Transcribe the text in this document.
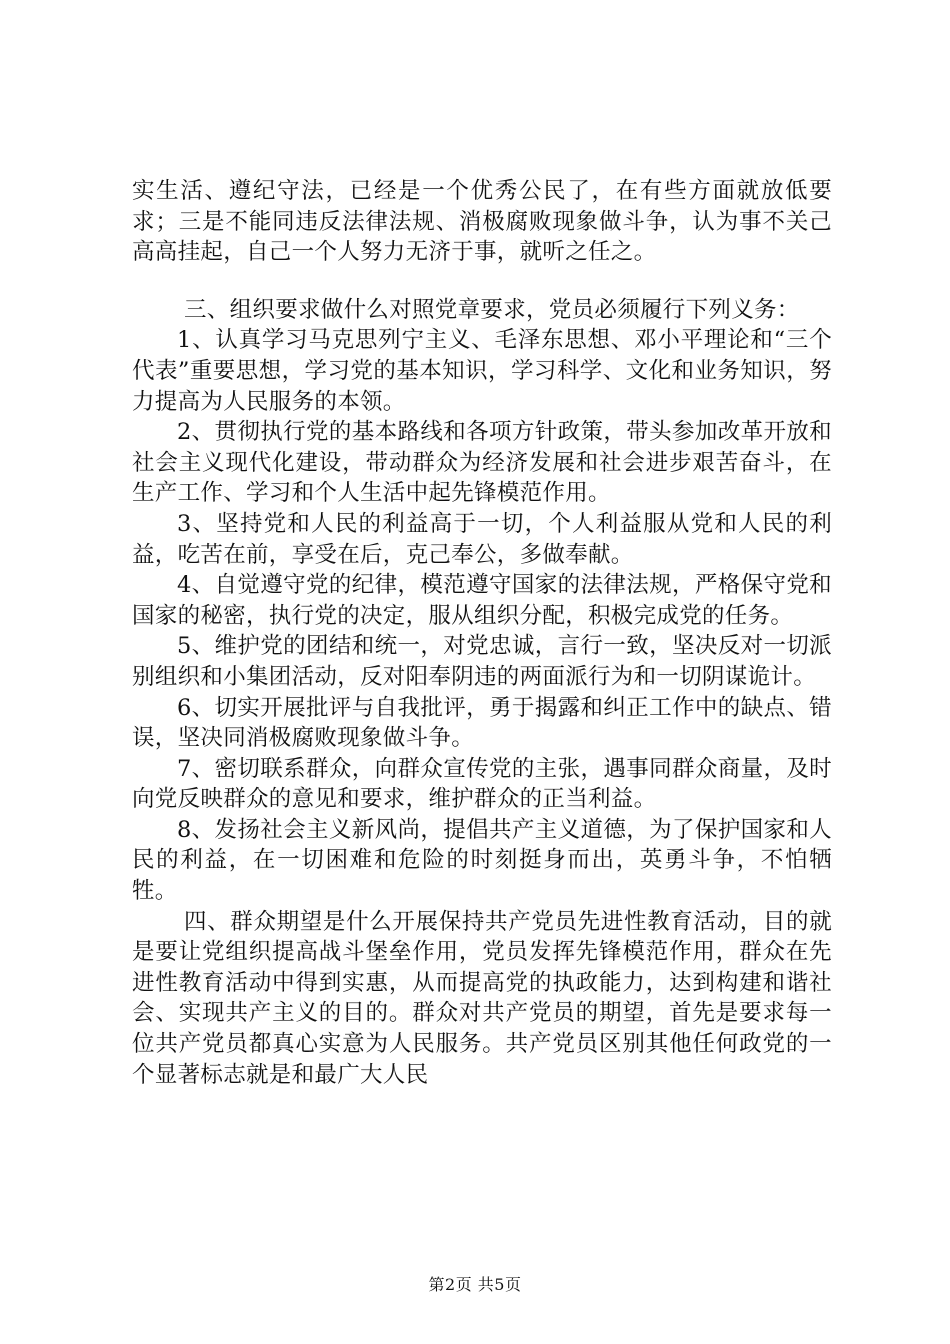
实生活、遵纪守法，已经是一个优秀公民了，在有些方面就放低要求；三是不能同违反法律法规、消极腐败现象做斗争，认为事不关己高高挂起，自己一个人努力无济于事，就听之任之。

三、组织要求做什么对照党章要求，党员必须履行下列义务：

1、认真学习马克思列宁主义、毛泽东思想、邓小平理论和“三个代表”重要思想，学习党的基本知识，学习科学、文化和业务知识，努力提高为人民服务的本领。

2、贯彻执行党的基本路线和各项方针政策，带头参加改革开放和社会主义现代化建设，带动群众为经济发展和社会进步艰苦奋斗，在生产工作、学习和个人生活中起先锋模范作用。

3、坚持党和人民的利益高于一切，个人利益服从党和人民的利益，吃苦在前，享受在后，克己奉公，多做奉献。

4、自觉遵守党的纪律，模范遵守国家的法律法规，严格保守党和国家的秘密，执行党的决定，服从组织分配，积极完成党的任务。

5、维护党的团结和统一，对党忠诚，言行一致，坚决反对一切派别组织和小集团活动，反对阳奉阴违的两面派行为和一切阴谋诡计。

6、切实开展批评与自我批评，勇于揭露和纠正工作中的缺点、错误，坚决同消极腐败现象做斗争。

7、密切联系群众，向群众宣传党的主张，遇事同群众商量，及时向党反映群众的意见和要求，维护群众的正当利益。

8、发扬社会主义新风尚，提倡共产主义道德，为了保护国家和人民的利益，在一切困难和危险的时刻挺身而出，英勇斗争，不怕牺牲。

四、群众期望是什么开展保持共产党员先进性教育活动，目的就是要让党组织提高战斗堡垒作用，党员发挥先锋模范作用，群众在先进性教育活动中得到实惠，从而提高党的执政能力，达到构建和谐社会、实现共产主义的目的。群众对共产党员的期望，首先是要求每一位共产党员都真心实意为人民服务。共产党员区别其他任何政党的一个显著标志就是和最广大人民

第2页 共5页
